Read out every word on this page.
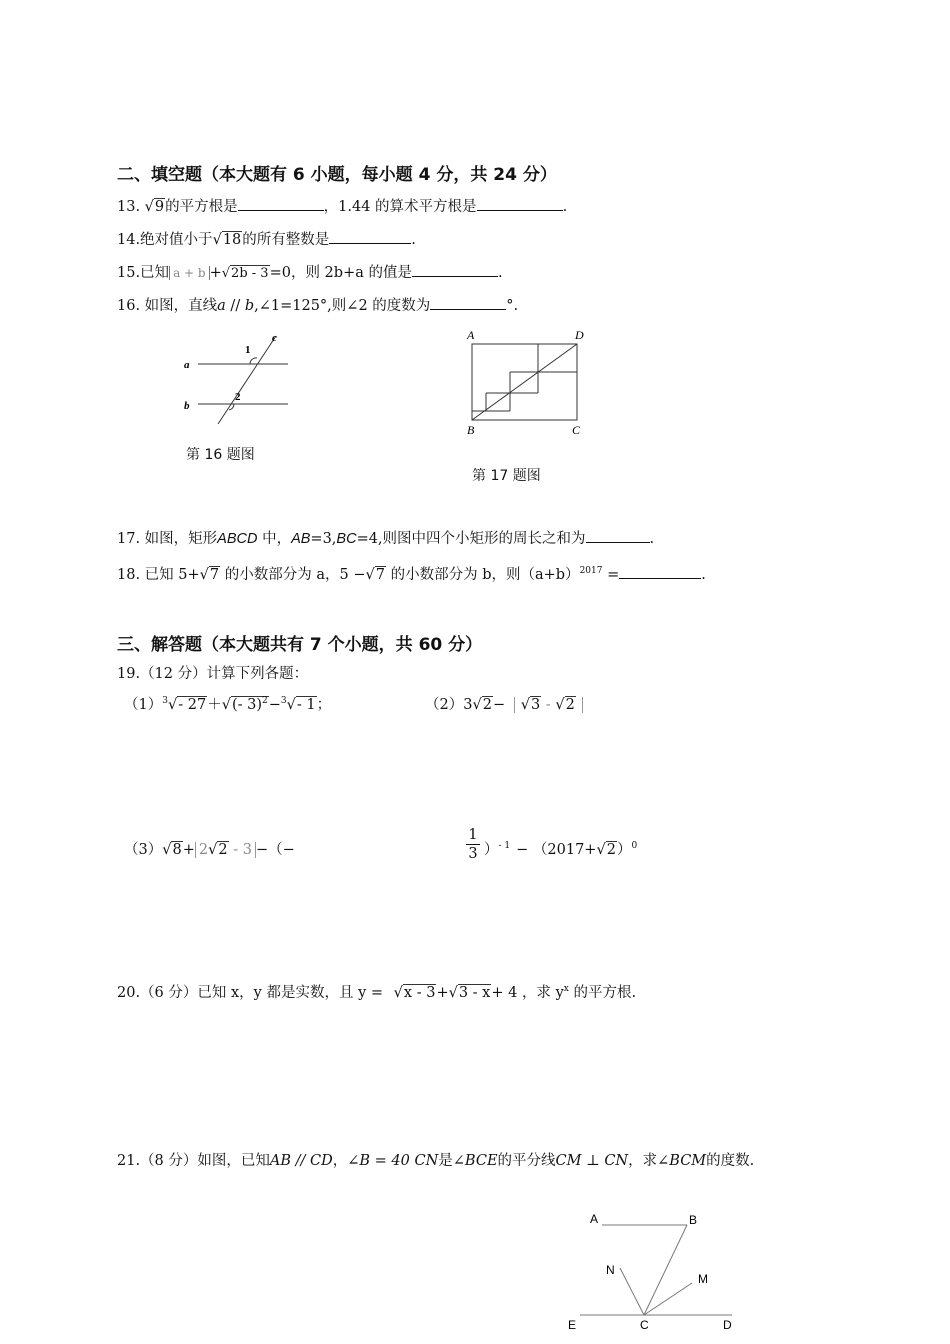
二、填空题（本大题有 6 小题，每小题 4 分，共 24 分）
13. √9的平方根是	，1.44 的算术平方根是	.
14.绝对值小于√18的所有整数是	.
15.已知 a + b +√2b - 3=0，则 2b+a 的值是	.
16. 如图，直线a // b,∠1=125°,则∠2 的度数为	°.
a
b
c
1
2
第 16 题图
A	D
B	C
第 17 题图
17. 如图，矩形ABCD 中，AB=3,BC=4,则图中四个小矩形的周长之和为	.
18. 已知 5+√7 的小数部分为 a，5 −√7 的小数部分为 b，则$(a+b)^{2017}$ =	.
三、解答题（本大题共有 7 个小题，共 60 分）
19.（12 分）计算下列各题：
$(1)^3√-$ 27＋√(- 3)$^2$−$^3$√- 1；	（2）3√2− √3 - √2
（3）√8+ 2√2 - 3 −（−	$\frac{1}{3} )^{- 1} - (2017+√2)^0$
20.（6 分）已知 x，y 都是实数，且 y = √x - 3+√3 - x+ 4 ，求 $y^x$ 的平方根.
21.（8 分）如图，已知AB // CD，∠B = 40 CN是∠BCE的平分线CM ⊥ CN，求∠BCM的度数.
A	B
N
M
E	C	D
